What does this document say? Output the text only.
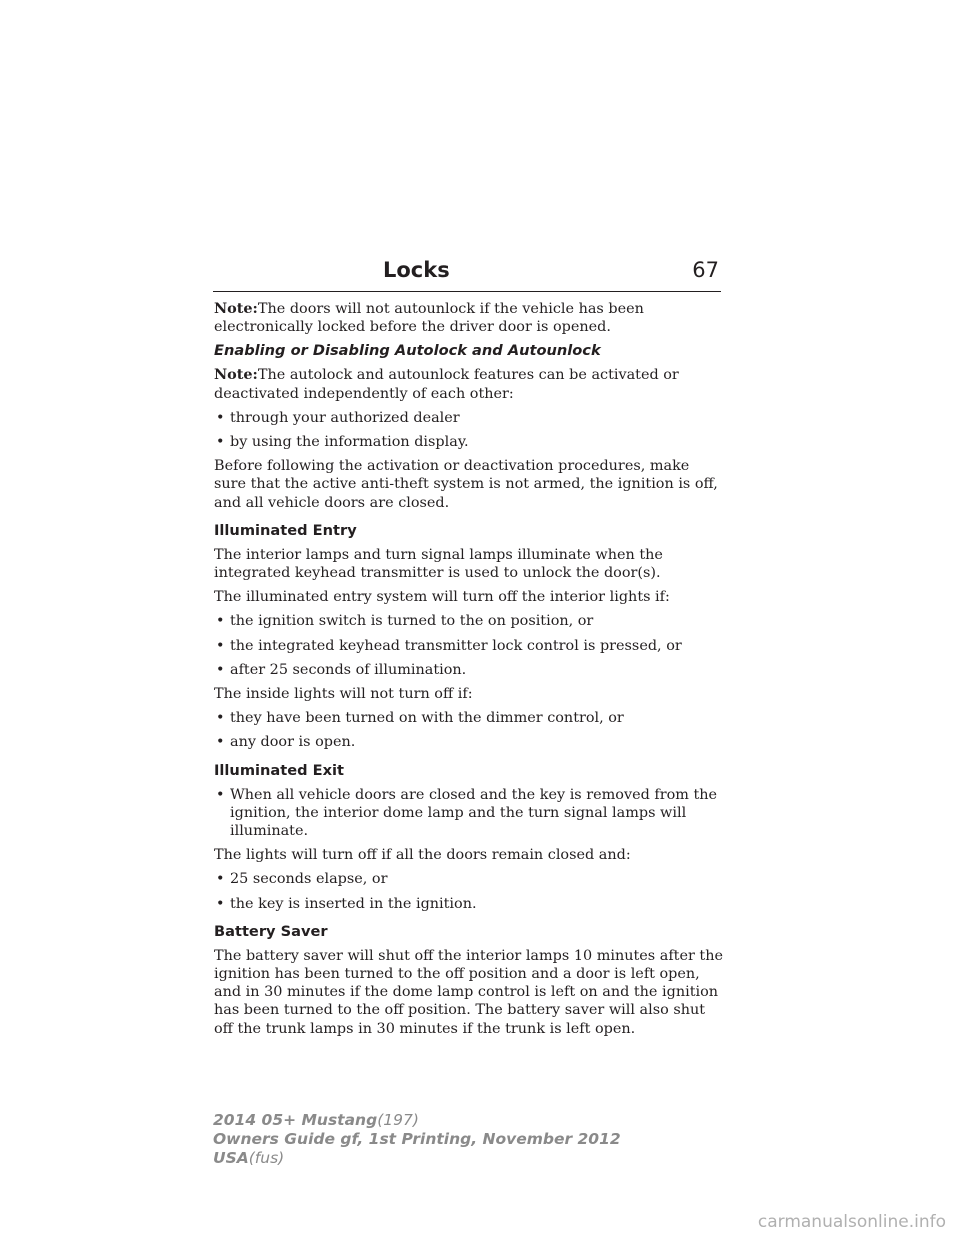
Locks	67

Note:The doors will not autounlock if the vehicle has been electronically locked before the driver door is opened.

Enabling or Disabling Autolock and Autounlock

Note:The autolock and autounlock features can be activated or deactivated independently of each other:

• through your authorized dealer
• by using the information display.

Before following the activation or deactivation procedures, make sure that the active anti-theft system is not armed, the ignition is off, and all vehicle doors are closed.

Illuminated Entry

The interior lamps and turn signal lamps illuminate when the integrated keyhead transmitter is used to unlock the door(s).

The illuminated entry system will turn off the interior lights if:

• the ignition switch is turned to the on position, or
• the integrated keyhead transmitter lock control is pressed, or
• after 25 seconds of illumination.

The inside lights will not turn off if:

• they have been turned on with the dimmer control, or
• any door is open.
Illuminated Exit
• When all vehicle doors are closed and the key is removed from the ignition, the interior dome lamp and the turn signal lamps will illuminate.

The lights will turn off if all the doors remain closed and:

• 25 seconds elapse, or
• the key is inserted in the ignition.
Battery Saver

The battery saver will shut off the interior lamps 10 minutes after the ignition has been turned to the off position and a door is left open, and in 30 minutes if the dome lamp control is left on and the ignition has been turned to the off position. The battery saver will also shut off the trunk lamps in 30 minutes if the trunk is left open.

2014 05+ Mustang(197)
Owners Guide gf, 1st Printing, November 2012
USA(fus)
carmanualsonline.info
